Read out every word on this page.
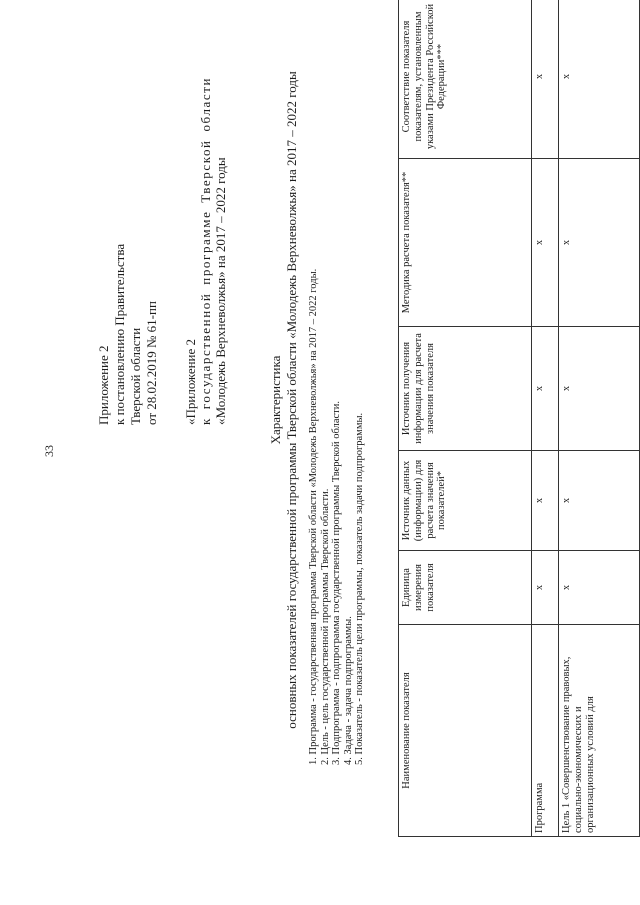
33
Приложение 2 к постановлению Правительства Тверской области от 28.02.2019 № 61-пп «Приложение 2 к государственной программе Тверской области «Молодежь Верхневолжья» на 2017 – 2022 годы	Характеристика основных показателей государственной программы Тверской области «Молодежь Верхневолжья» на 2017 – 2022 годы 1. Программа - государственная программа Тверской области «Молодежь Верхневолжья» на 2017 – 2022 годы. 2. Цель - цель государственной программы Тверской области. 3. Подпрограмма - подпрограмма государственной программы Тверской области. 4. Задача - задача подпрограммы. 5. Показатель - показатель цели программы, показатель задачи подпрограммы.	Наименование показателя	Единица измерения показателя	Источник данных (информации) для расчета значения показателей*	Источник получения информации для расчета значения показателя	Методика расчета показателя**	Соответствие показателя показателям, установленным указами Президента Российской Федерации***
Программа	х	х	х	х	х
Цель 1 «Совершенствование правовых, социально-экономических и организационных условий для	х	х	х	х	х
